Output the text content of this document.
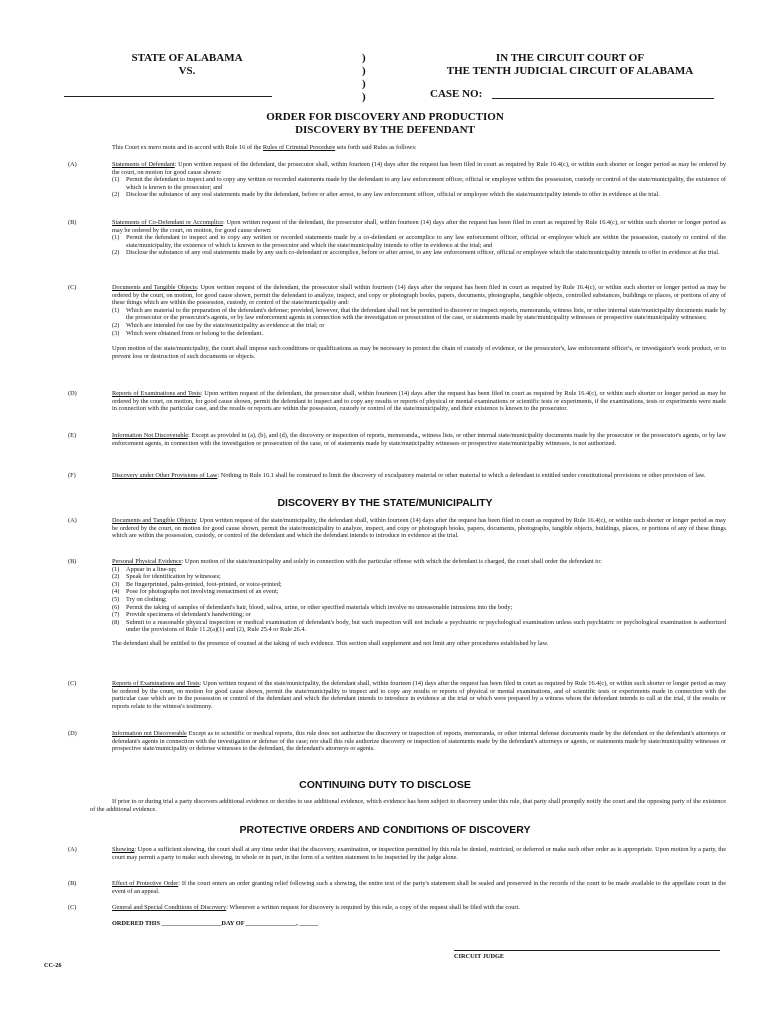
STATE OF ALABAMA
VS.
)
)
)
)
IN THE CIRCUIT COURT OF
THE TENTH JUDICIAL CIRCUIT OF ALABAMA
CASE NO:
ORDER FOR DISCOVERY AND PRODUCTION
DISCOVERY BY THE DEFENDANT
This Court ex mero motu and in accord with Rule 16 of the Rules of Criminal Procedure sets forth said Rules as follows:
(A)	Statements of Defendant: Upon written request of the defendant, the prosecutor shall, within fourteen (14) days after the request has been filed in court as required by Rule 16.4(c), or within such shorter or longer period as may be ordered by the court, on motion for good cause shown:

(1)	Permit the defendant to inspect and to copy any written or recorded statements made by the defendant to any law enforcement officer, official or employee within the possession, custody or control of the state/municipality, the existence of which is known to the prosecutor; and
(2)	Disclose the substance of any oral statements made by the defendant, before or after arrest, to any law enforcement officer, official or employee which the state/municipality intends to offer in evidence at the trial.
(B)	Statements of Co-Defendant or Accomplice: Upon written request of the defendant, the prosecutor shall, within fourteen (14) days after the request has been filed in court as required by Rule 16.4(c), or within such shorter or longer period as may be ordered by the court, on motion, for good cause shown:

(1)	Permit the defendant to inspect and to copy any written or recorded statements made by a co-defendant or accomplice to any law enforcement officer, official or employee which are within the possession, custody or control of the state/municipality, the existence of which is known to the prosecutor and which the state/municipality intends to offer in evidence at the trial; and
(2)	Disclose the substance of any oral statements made by any such co-defendant or accomplice, before or after arrest, to any law enforcement officer, official or employee which the state/municipality intends to offer in evidence at the trial.
(C)	Documents and Tangible Objects: Upon written request of the defendant, the prosecutor shall within fourteen (14) days after the request has been filed in court as required by Rule 16.4(c), or within such shorter or longer period as may be ordered by the court, on motion, for good cause shown, permit the defendant to analyze, inspect, and copy or photograph books, papers, documents, photographs, tangible objects, controlled substances, buildings or places, or portions of any of these things which are within the possession, custody, or control of the state/municipality and:

(1)	Which are material to the preparation of the defendant's defense; provided, however, that the defendant shall not be permitted to discover or inspect reports, memoranda, witness lists, or other internal state/municipality documents made by the prosecutor or the prosecutor's agents, or by law enforcement agents in connection with the investigation or prosecution of the case, or statements made by state/municipality witnesses or prospective state/municipality witnesses;
(2)	Which are intended for use by the state/municipality as evidence at the trial; or
(3)	Which were obtained from or belong to the defendant.

Upon motion of the state/municipality, the court shall impose such conditions or qualifications as may be necessary to protect the chain of custody of evidence, or the prosecutor's, law enforcement officer's, or investigator's work product, or to prevent loss or destruction of such documents or objects.

(D)	Reports of Examinations and Tests: Upon written request of the defendant, the prosecutor shall, within fourteen (14) days after the request has been filed in court as required by Rule 16.4(c), or within such shorter or longer period as may be ordered by the court, on motion, for good cause shown, permit the defendant to inspect and to copy any results or reports of physical or mental examinations or scientific tests or experiments, if the examinations, tests or experiments were made in connection with the particular case, and the results or reports are within the possession, custody or control of the state/municipality, and their existence is known to the prosecutor.

(E)	Information Not Discoverable: Except as provided in (a), (b), and (d), the discovery or inspection of reports, memoranda,, witness lists, or other internal state/municipality documents made by the prosecutor or the prosecutor's agents, or by law enforcement agents, in connection with the investigation or prosecution of the case, or of statements made by state/municipality witnesses or prospective state/municipality witnesses, is not authorized.

(F)	Discovery under Other Provisions of Law: Nothing in Rule 16.1 shall be construed to limit the discovery of exculpatory material or other material to which a defendant is entitled under constitutional provisions or other provision of law.

DISCOVERY BY THE STATE/MUNICIPALITY
(A)	Documents and Tangible Objects: Upon written request of the state/municipality, the defendant shall, within fourteen (14) days after the request has been filed in court as required by Rule 16.4(c), or within such shorter or longer period as may be ordered by the court, on motion for good cause shown, permit the state/municipality to analyze, inspect, and copy or photograph books, papers, documents, photographs, tangible objects, buildings, places, or portions of any of these things which are within the possession, custody, or control of the defendant and which the defendant intends to introduce in evidence at the trial.

(B)	Personal Physical Evidence: Upon motion of the state/municipality and solely in connection with the particular offense with which the defendant is charged, the court shall order the defendant to:

(1)	Appear in a line-up;
(2)	Speak for identification by witnesses;
(3)	Be fingerprinted, palm-printed, foot-printed, or voice-printed;
(4)	Pose for photographs not involving reenactment of an event;
(5)	Try on clothing;
(6)	Permit the taking of samples of defendant's hair, blood, saliva, urine, or other specified materials which involve no unreasonable intrusions into the body;
(7)	Provide specimens of defendant's handwriting; or
(8)	Submit to a reasonable physical inspection or medical examination of defendant's body, but such inspection will not include a psychiatric or psychological examination unless such psychiatric or psychological examination is authorized under the provisions of Rule 11.2(a)(1) and (2), Rule 25.4 or Rule 26.4.

The defendant shall be entitled to the presence of counsel at the taking of such evidence. This section shall supplement and not limit any other procedures established by law.

(C)	Reports of Examinations and Tests: Upon written request of the state/municipality, the defendant shall, within fourteen (14) days after the request has been filed in court as required by Rule 16.4(c), or within such shorter or longer period as may be ordered by the court, on motion for good cause shown, permit the state/municipality to inspect and to copy any results or reports of physical or mental examinations, and of scientific tests or experiments made in connection with the particular case which are in the possession or control of the defendant and which the defendant intends to introduce in evidence at the trial or which were prepared by a witness whom the defendant intends to call at the trial, if the results or reports relate to the witness's testimony.

(D)	Information not Discoverable Except as to scientific or medical reports, this rule does not authorize the discovery or inspection of reports, memoranda, or other internal defense documents made by the defendant or the defendant's attorneys or defendant's agents in connection with the investigation or defense of the case; nor shall this rule authorize discovery or inspection of statements made by the defendant's attorneys or agents, or statements made by state/municipality witnesses or prospective state/municipality or defense witnesses to the defendant, the defendant's attorneys or agents.

CONTINUING DUTY TO DISCLOSE
If prior to or during trial a party discovers additional evidence or decides to use additional evidence, which evidence has been subject to discovery under this rule, that party shall promptly notify the court and the opposing party of the existence of the additional evidence.
PROTECTIVE ORDERS AND CONDITIONS OF DISCOVERY
(A)	Showing: Upon a sufficient showing, the court shall at any time order that the discovery, examination, or inspection permitted by this rule be denied, restricted, or deferred or make such other order as is appropriate. Upon motion by a party, the court may permit a party to make such showing, in whole or in part, in the form of a written statement to be inspected by the judge alone.

(B)	Effect of Protective Order: If the court enters an order granting relief following such a showing, the entire text of the party's statement shall be sealed and preserved in the records of the court to be made available to the appellate court in the event of an appeal.

(C)	General and Special Conditions of Discovery: Whenever a written request for discovery is required by this rule, a copy of the request shall be filed with the court.

ORDERED THIS ___________________DAY OF ________________, ______
CIRCUIT JUDGE
CC-26
